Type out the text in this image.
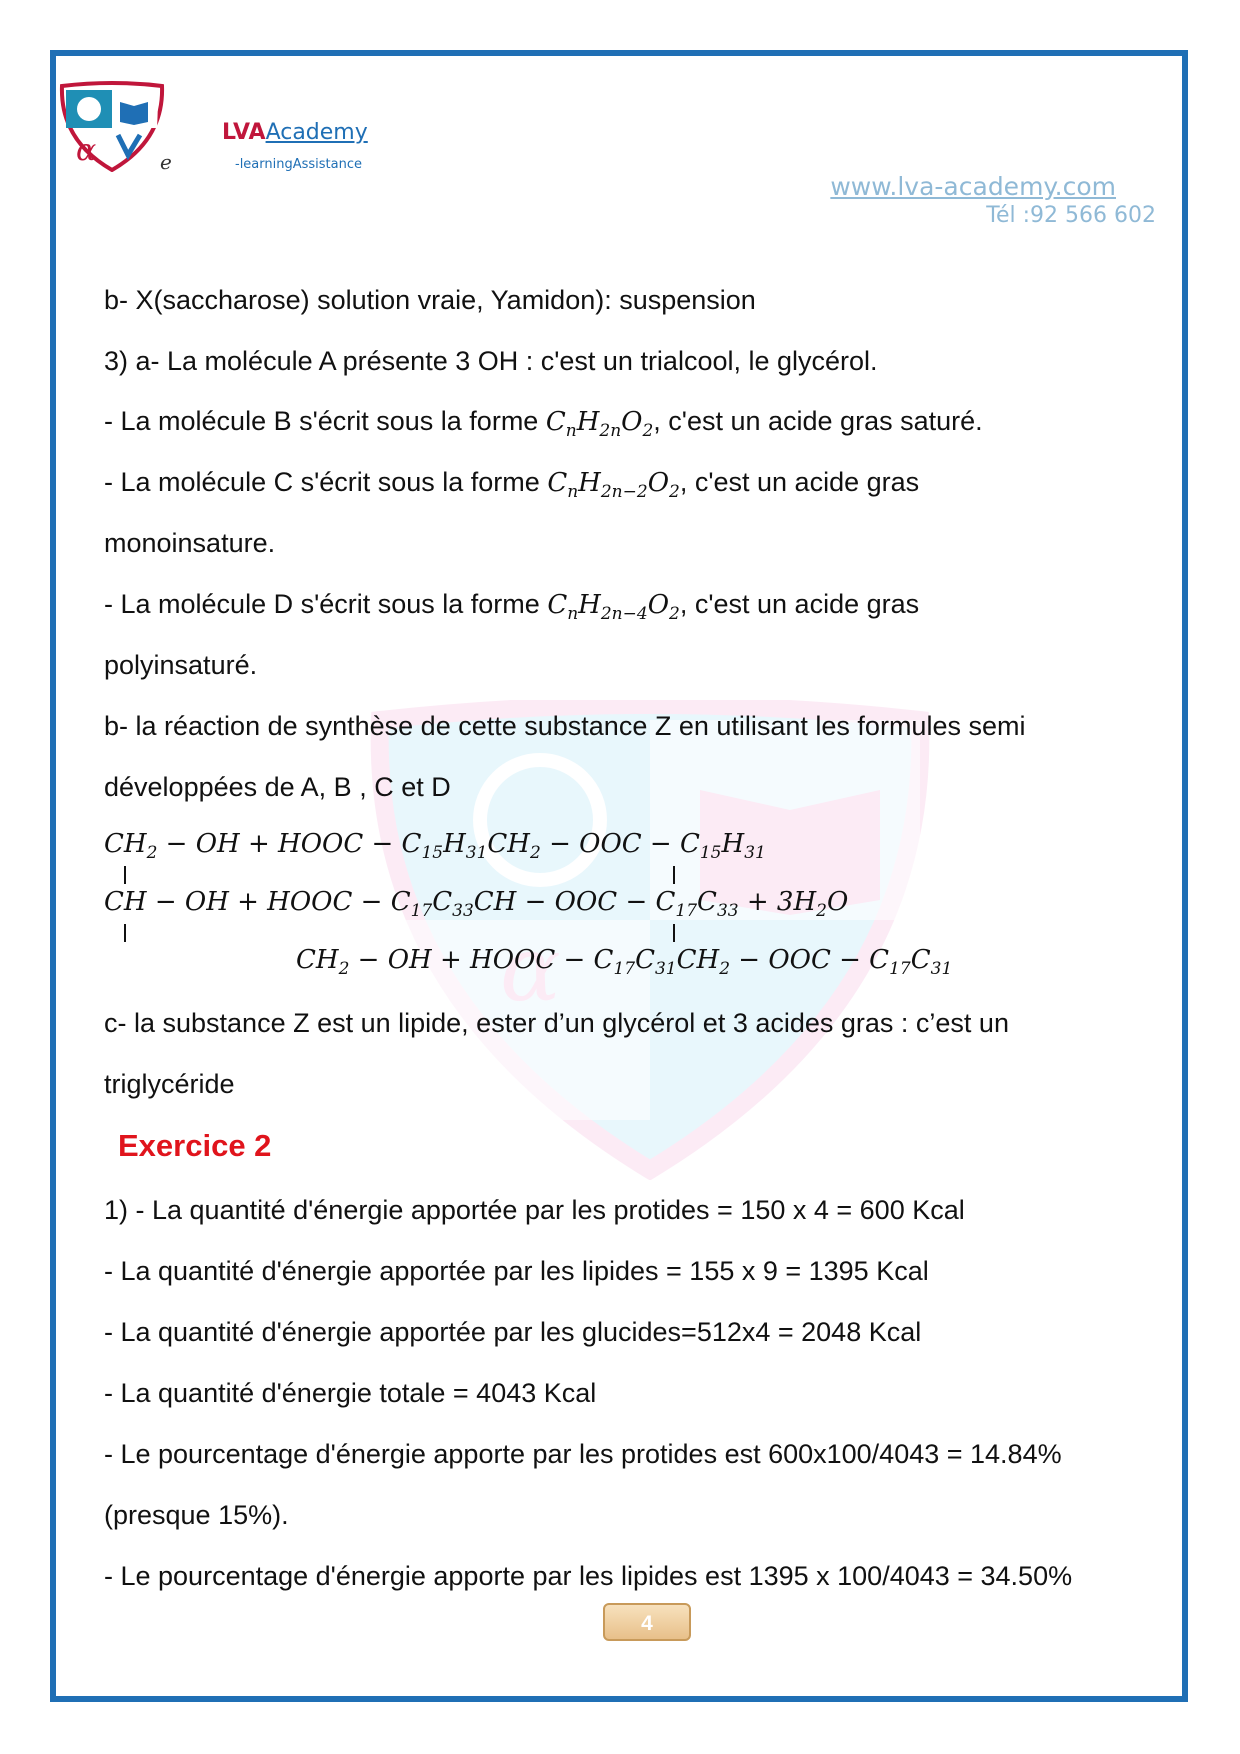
α
α	e
LVAAcademy
-learningAssistance
www.lva-academy.com
Tél :92 566 602
b- X(saccharose) solution vraie, Yamidon): suspension
3) a- La molécule A présente 3 OH : c'est un trialcool, le glycérol.
- La molécule B s'écrit sous la forme $C_nH_{2n}O_2$, c'est un acide gras saturé.
- La molécule C s'écrit sous la forme $C_nH_{2n-2}O_2$, c'est un acide gras
monoinsature.
- La molécule D s'écrit sous la forme $C_nH_{2n-4}O_2$, c'est un acide gras
polyinsaturé.
b- la réaction de synthèse de cette substance Z en utilisant les formules semi
développées de A, B , C et D
$CH_2$ − OH + HOOC − $C_{15}H_{31}CH_2$ − OOC − $C_{15}H_{31}$
CH − OH + HOOC − $C_{17}C_{33}CH$ − OOC − $C_{17}C_{33} + 3H_2O$
$CH_2$ − OH + HOOC − $C_{17}C_{31}CH_2$ − OOC − $C_{17}C_{31}$
c- la substance Z est un lipide, ester d’un glycérol et 3 acides gras : c’est un
triglycéride
Exercice 2
1) - La quantité d'énergie apportée par les protides = 150 x 4 = 600 Kcal
- La quantité d'énergie apportée par les lipides = 155 x 9 = 1395 Kcal
- La quantité d'énergie apportée par les glucides=512x4 = 2048 Kcal
- La quantité d'énergie totale = 4043 Kcal
- Le pourcentage d'énergie apporte par les protides est 600x100/4043 = 14.84%
(presque 15%).
- Le pourcentage d'énergie apporte par les lipides est 1395 x 100/4043 = 34.50%
4
